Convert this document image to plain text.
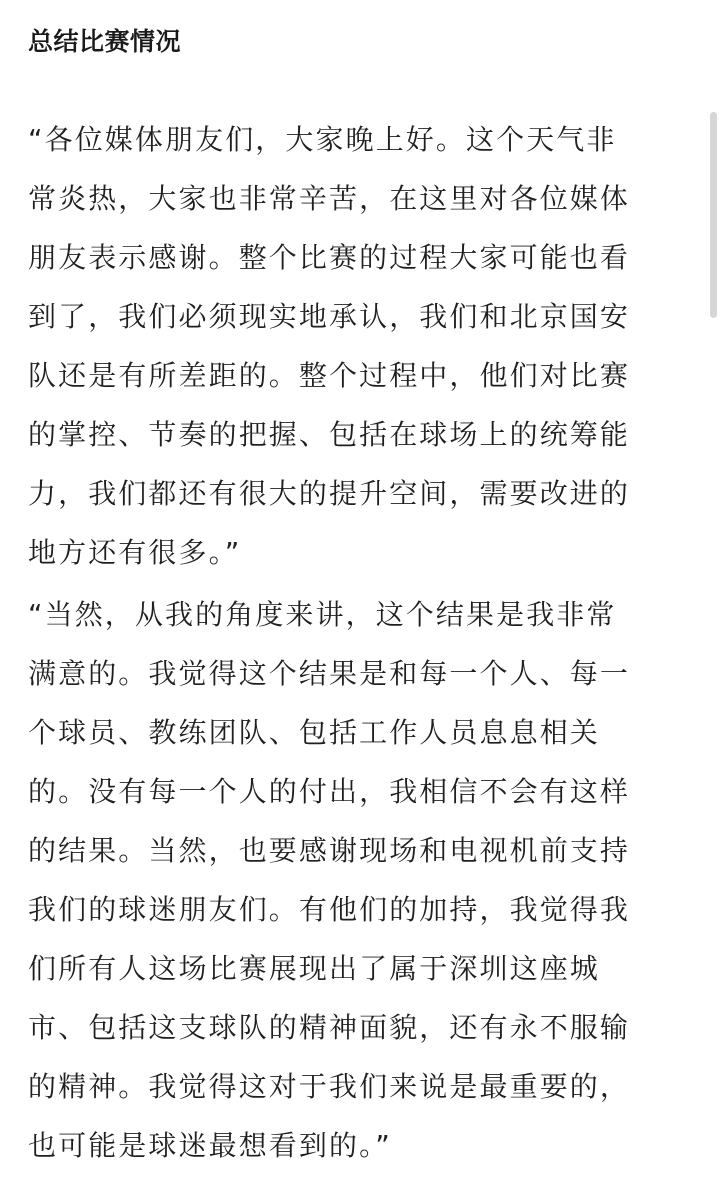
总结比赛情况
“各位媒体朋友们，大家晚上好。这个天气非
常炎热，大家也非常辛苦，在这里对各位媒体
朋友表示感谢。整个比赛的过程大家可能也看
到了，我们必须现实地承认，我们和北京国安
队还是有所差距的。整个过程中，他们对比赛
的掌控、节奏的把握、包括在球场上的统筹能
力，我们都还有很大的提升空间，需要改进的
地方还有很多。”
“当然，从我的角度来讲，这个结果是我非常
满意的。我觉得这个结果是和每一个人、每一
个球员、教练团队、包括工作人员息息相关
的。没有每一个人的付出，我相信不会有这样
的结果。当然，也要感谢现场和电视机前支持
我们的球迷朋友们。有他们的加持，我觉得我
们所有人这场比赛展现出了属于深圳这座城
市、包括这支球队的精神面貌，还有永不服输
的精神。我觉得这对于我们来说是最重要的，
也可能是球迷最想看到的。”
